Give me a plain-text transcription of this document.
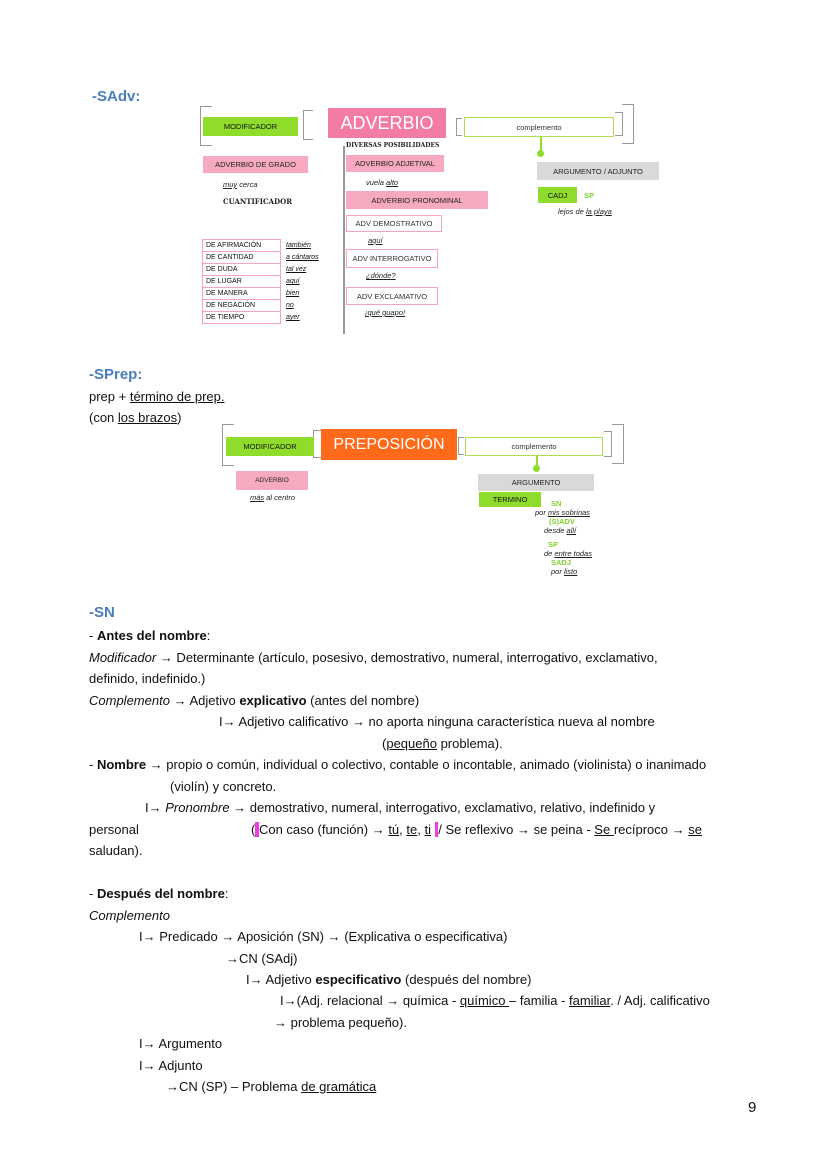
-SAdv:
MODIFICADOR	ADVERBIO	complemento
DIVERSAS POSIBILIDADES
ADVERBIO DE GRADO
muy cerca
CUANTIFICADOR
ADVERBIO ADJETIVAL
vuela alto
ADVERBIO PRONOMINAL
ADV DEMOSTRATIVO
aquí
ADV INTERROGATIVO
¿dónde?
ADV EXCLAMATIVO
¡qué guapo!
ARGUMENTO / ADJUNTO
CADJ	SP
lejos de la playa
DE AFIRMACIÓN	también
DE CANTIDAD	a cántaros
DE DUDA	tal vez
DE LUGAR	aquí
DE MANERA	bien
DE NEGACIÓN	no
DE TIEMPO	ayer
-SPrep:
prep + término de prep.
(con los brazos)
MODIFICADOR	PREPOSICIÓN	complemento
ADVERBIO
más al centro
ARGUMENTO
TERMINO	SN
por mis sobrinas
(S)ADV
desde allí
SP
de entre todas
SADJ
por listo
-SN
- Antes del nombre:
Modificador → Determinante (artículo, posesivo, demostrativo, numeral, interrogativo, exclamativo,
definido, indefinido.)
Complemento → Adjetivo explicativo (antes del nombre)
I→ Adjetivo calificativo → no aporta ninguna característica nueva al nombre
(pequeño problema).
- Nombre → propio o común, individual o colectivo, contable o incontable, animado (violinista) o inanimado
(violín) y concreto.
I→ Pronombre → demostrativo, numeral, interrogativo, exclamativo, relativo, indefinido y
personal	( Con caso (función) → tú, te, ti / Se reflexivo → se peina - Se recíproco → se
saludan).
- Después del nombre:
Complemento
I→ Predicado → Aposición (SN) → (Explicativa o especificativa)
→CN (SAdj)
I→ Adjetivo especificativo (después del nombre)
I→(Adj. relacional → química - químico – familia - familiar. / Adj. calificativo
→ problema pequeño).
I→ Argumento
I→ Adjunto
→CN (SP) – Problema de gramática
9
